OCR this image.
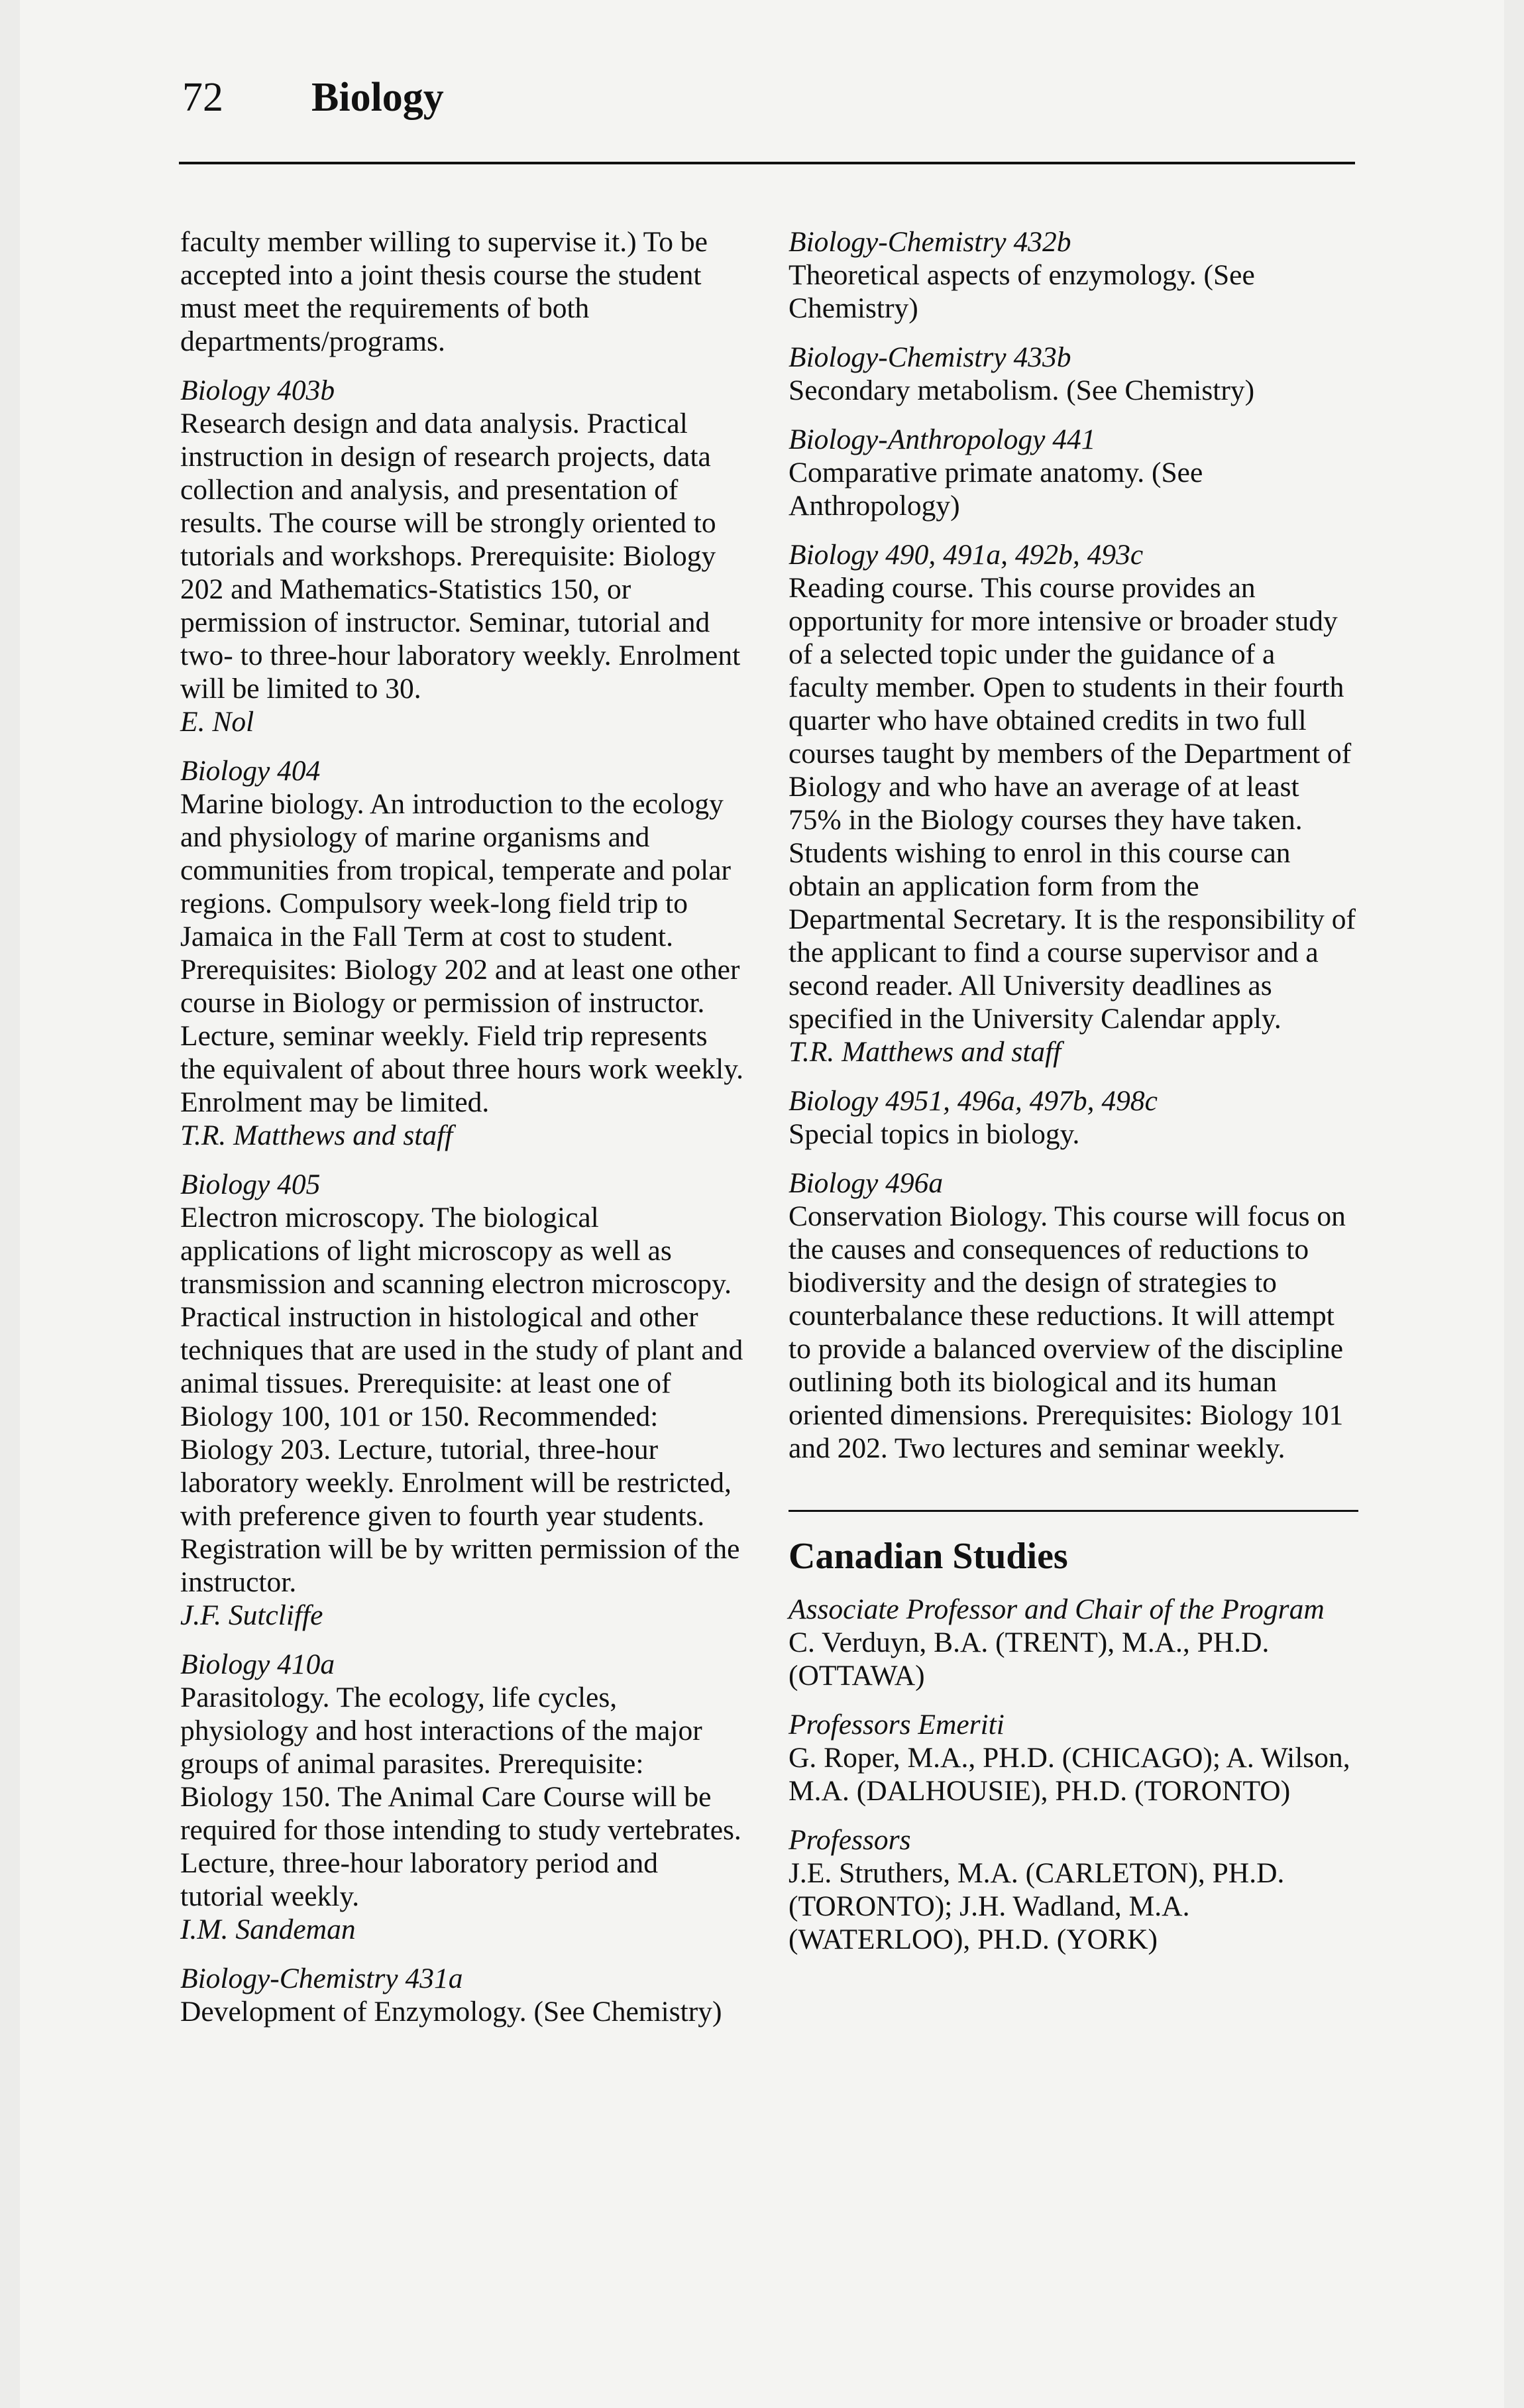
72 Biology
faculty member willing to supervise it.) To be accepted into a joint thesis course the student must meet the requirements of both departments/programs.
Biology 403b
Research design and data analysis. Practical instruction in design of research projects, data collection and analysis, and presentation of results. The course will be strongly oriented to tutorials and workshops. Prerequisite: Biology 202 and Mathematics-Statistics 150, or permission of instructor. Seminar, tutorial and two- to three-hour laboratory weekly. Enrolment will be limited to 30.
E. Nol
Biology 404
Marine biology. An introduction to the ecology and physiology of marine organisms and communities from tropical, temperate and polar regions. Compulsory week-long field trip to Jamaica in the Fall Term at cost to student. Prerequisites: Biology 202 and at least one other course in Biology or permission of instructor. Lecture, seminar weekly. Field trip represents the equivalent of about three hours work weekly. Enrolment may be limited.
T.R. Matthews and staff
Biology 405
Electron microscopy. The biological applications of light microscopy as well as transmission and scanning electron microscopy. Practical instruction in histological and other techniques that are used in the study of plant and animal tissues. Prerequisite: at least one of Biology 100, 101 or 150. Recommended: Biology 203. Lecture, tutorial, three-hour laboratory weekly. Enrolment will be restricted, with preference given to fourth year students. Registration will be by written permission of the instructor.
J.F. Sutcliffe
Biology 410a
Parasitology. The ecology, life cycles, physiology and host interactions of the major groups of animal parasites. Prerequisite: Biology 150. The Animal Care Course will be required for those intending to study vertebrates. Lecture, three-hour laboratory period and tutorial weekly.
I.M. Sandeman
Biology-Chemistry 431a
Development of Enzymology. (See Chemistry)
Biology-Chemistry 432b
Theoretical aspects of enzymology. (See Chemistry)
Biology-Chemistry 433b
Secondary metabolism. (See Chemistry)
Biology-Anthropology 441
Comparative primate anatomy. (See Anthropology)
Biology 490, 491a, 492b, 493c
Reading course. This course provides an opportunity for more intensive or broader study of a selected topic under the guidance of a faculty member. Open to students in their fourth quarter who have obtained credits in two full courses taught by members of the Department of Biology and who have an average of at least 75% in the Biology courses they have taken. Students wishing to enrol in this course can obtain an application form from the Departmental Secretary. It is the responsibility of the applicant to find a course supervisor and a second reader. All University deadlines as specified in the University Calendar apply.
T.R. Matthews and staff
Biology 4951, 496a, 497b, 498c
Special topics in biology.
Biology 496a
Conservation Biology. This course will focus on the causes and consequences of reductions to biodiversity and the design of strategies to counterbalance these reductions. It will attempt to provide a balanced overview of the discipline outlining both its biological and its human oriented dimensions. Prerequisites: Biology 101 and 202. Two lectures and seminar weekly.
Canadian Studies
Associate Professor and Chair of the Program
C. Verduyn, B.A. (TRENT), M.A., PH.D. (OTTAWA)
Professors Emeriti
G. Roper, M.A., PH.D. (CHICAGO); A. Wilson, M.A. (DALHOUSIE), PH.D. (TORONTO)
Professors
J.E. Struthers, M.A. (CARLETON), PH.D. (TORONTO); J.H. Wadland, M.A. (WATERLOO), PH.D. (YORK)
